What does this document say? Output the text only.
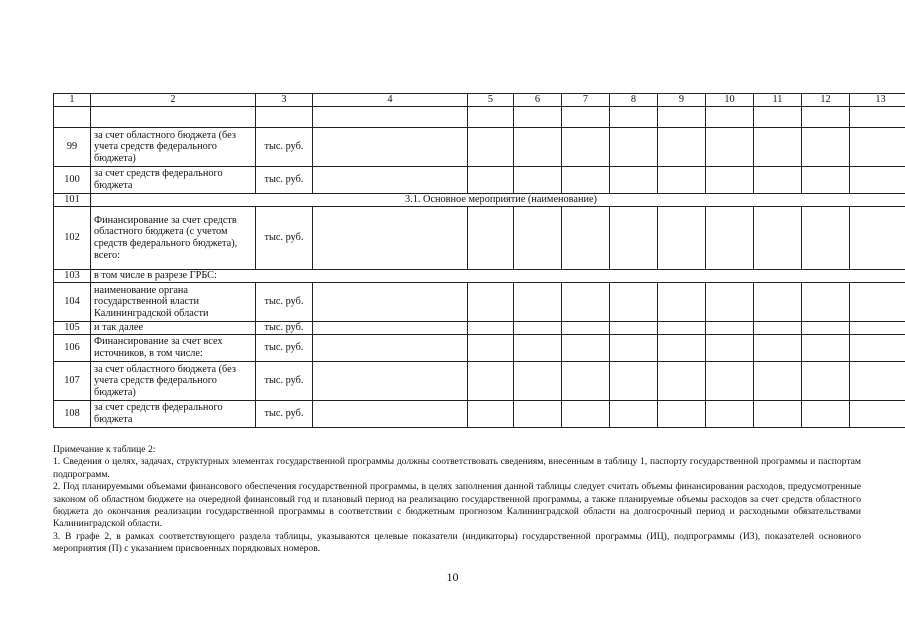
1	2	3	4	5	6	7	8	9	10	11	12	13

99	за счет областного бюджета (без учета средств федерального бюджета)	тыс. руб.										
100	за счет средств федерального бюджета	тыс. руб.										
101	3.1. Основное мероприятие (наименование)											
102	Финансирование за счет средств областного бюджета (с учетом средств федерального бюджета), всего:	тыс. руб.										
103	в том числе в разрезе ГРБС:											
104	наименование органа государственной власти Калининградской области	тыс. руб.										
105	и так далее	тыс. руб.										
106	Финансирование за счет всех источников, в том числе:	тыс. руб.										
107	за счет областного бюджета (без учета средств федерального бюджета)	тыс. руб.										
108	за счет средств федерального бюджета	тыс. руб.										

Примечание к таблице 2:

1. Сведения о целях, задачах, структурных элементах государственной программы должны соответствовать сведениям, внесенным в таблицу 1, паспорту государственной программы и паспортам подпрограмм.

2. Под планируемыми объемами финансового обеспечения государственной программы, в целях заполнения данной таблицы следует считать объемы финансирования расходов, предусмотренные законом об областном бюджете на очередной финансовый год и плановый период на реализацию государственной программы, а также планируемые объемы расходов за счет средств областного бюджета до окончания реализации государственной программы в соответствии с бюджетным прогнозом Калининградской области на долгосрочный период и расходными обязательствами Калининградской области.

3. В графе 2, в рамках соответствующего раздела таблицы, указываются целевые показатели (индикаторы) государственной программы (ИЦ), подпрограммы (ИЗ), показателей основного мероприятия (П) с указанием присвоенных порядковых номеров.

10
